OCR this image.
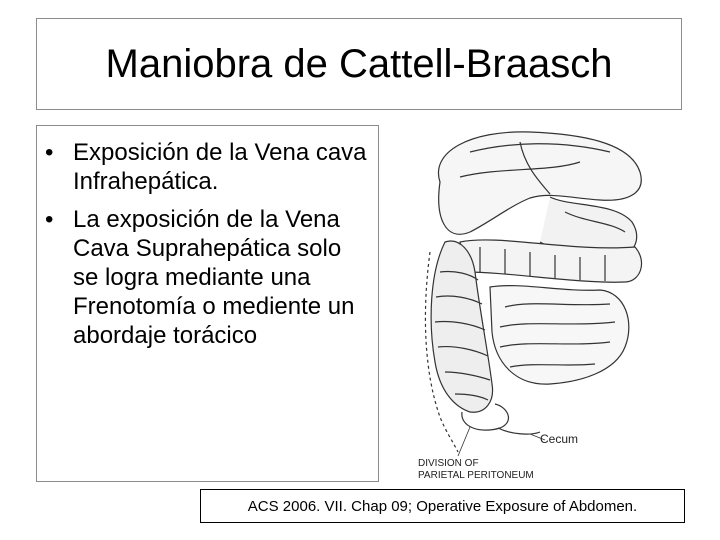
Maniobra de Cattell-Braasch
• Exposición de la Vena cava Infrahepática.
• La exposición de la Vena Cava Suprahepática solo se logra mediante una Frenotomía o mediente un abordaje torácico
Cecum
DIVISION OF
PARIETAL PERITONEUM
ACS 2006. VII. Chap 09; Operative Exposure of Abdomen.
